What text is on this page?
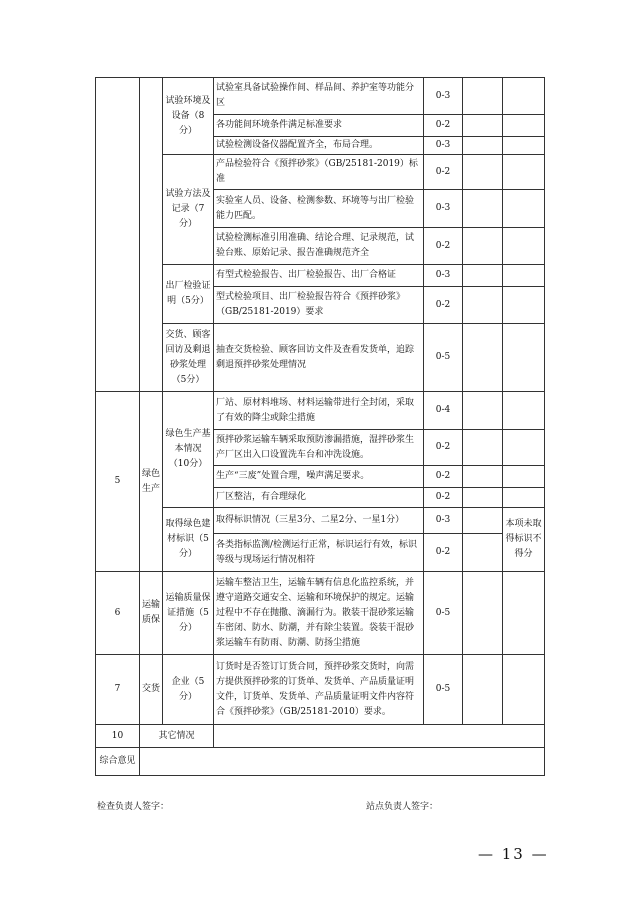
		试验环境及设备（8分）	试验室具备试验操作间、样品间、养护室等功能分区	0-3		
			各功能间环境条件满足标准要求	0-2		
			试验检测设备仪器配置齐全，布局合理。	0-3		
		试验方法及记录（7分）	产品检验符合《预拌砂浆》（GB/25181-2019）标准	0-2		
			实验室人员、设备、检测参数、环境等与出厂检验能力匹配。	0-3		
			试验检测标准引用准确、结论合理、记录规范，试验台账、原始记录、报告准确规范齐全	0-2		
		出厂检验证明（5分）	有型式检验报告、出厂检验报告、出厂合格证	0-3		
			型式检验项目、出厂检验报告符合《预拌砂浆》（GB/25181-2019）要求	0-2		
		交货、顾客回访及剩退砂浆处理（5分）	抽查交货检验、顾客回访文件及查看发货单，追踪剩退预拌砂浆处理情况	0-5		
5	绿色生产	绿色生产基本情况（10分）	厂站、原材料堆场、材料运输带进行全封闭，采取了有效的降尘或除尘措施	0-4		
			预拌砂浆运输车辆采取预防渗漏措施，湿拌砂浆生产厂区出入口设置洗车台和冲洗设施。	0-2		
			生产“三废”处置合理，噪声满足要求。	0-2		
			厂区整洁，有合理绿化	0-2		
		取得绿色建材标识（5分）	取得标识情况（三星3分、二星2分、一星1分）	0-3		本项未取得标识不得分
			各类指标监测/检测运行正常，标识运行有效，标识等级与现场运行情况相符	0-2		
6	运输质保	运输质量保证措施（5分）	运输车整洁卫生，运输车辆有信息化监控系统，并遵守道路交通安全、运输和环境保护的规定。运输过程中不存在抛撒、滴漏行为。散装干混砂浆运输车密闭、防水、防潮，并有除尘装置。袋装干混砂浆运输车有防雨、防潮、防扬尘措施	0-5		
7	交货	企业（5分）	订货时是否签订订货合同，预拌砂浆交货时，向需方提供预拌砂浆的订货单、发货单、产品质量证明文件，订货单、发货单、产品质量证明文件内容符合《预拌砂浆》（GB/25181-2010）要求。	0-5		
10	其它情况					
综合意见						
检查负责人签字：	站点负责人签字：
— 13 —
